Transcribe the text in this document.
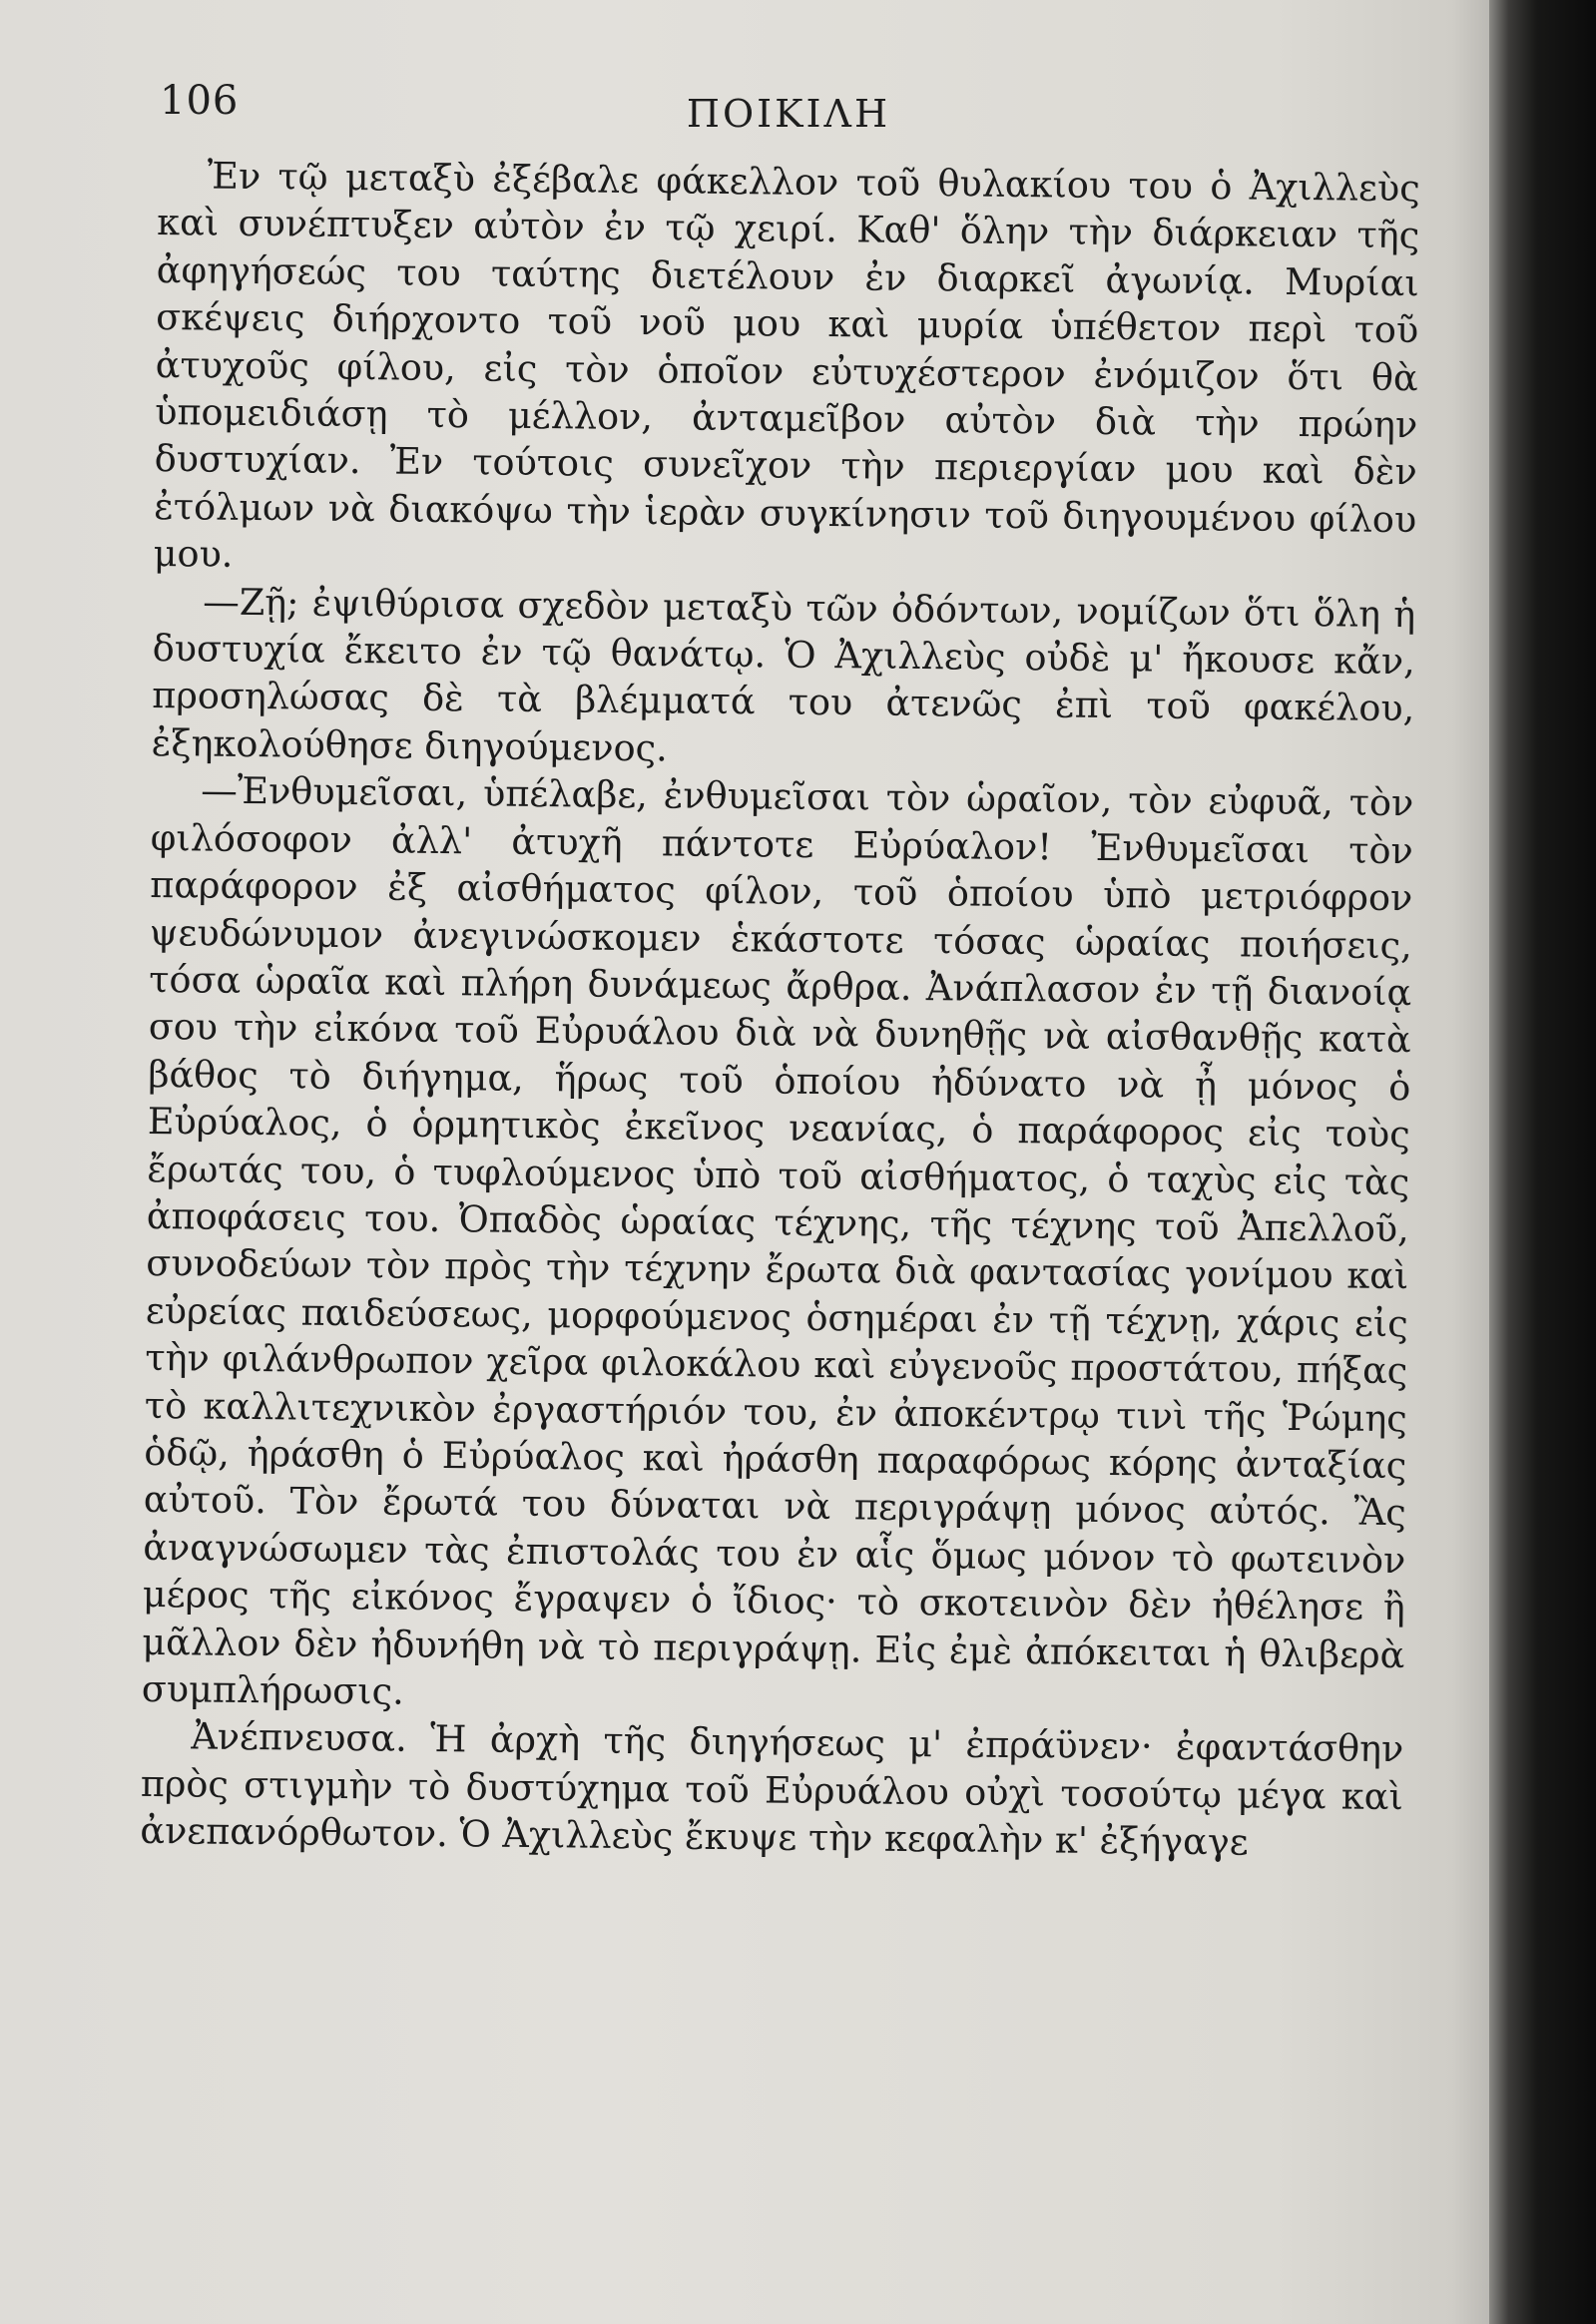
106	ΠΟΙΚΙΛΗ

Ἐν τῷ μεταξὺ ἐξέβαλε φάκελλον τοῦ θυλακίου του ὁ Ἀχιλλεὺς καὶ συνέπτυξεν αὐτὸν ἐν τῷ χειρί. Καθ' ὅλην τὴν διάρκειαν τῆς ἀφηγήσεώς του ταύτης διετέλουν ἐν διαρκεῖ ἀγωνίᾳ. Μυρίαι σκέψεις διήρχοντο τοῦ νοῦ μου καὶ μυρία ὑπέθετον περὶ τοῦ ἀτυχοῦς φίλου, εἰς τὸν ὁποῖον εὐτυχέστερον ἐνόμιζον ὅτι θὰ ὑπομειδιάσῃ τὸ μέλλον, ἀνταμεῖβον αὐτὸν διὰ τὴν πρώην δυστυχίαν. Ἐν τούτοις συνεῖχον τὴν περιεργίαν μου καὶ δὲν ἐτόλμων νὰ διακόψω τὴν ἱερὰν συγκίνησιν τοῦ διηγουμένου φίλου μου.

—Ζῇ; ἐψιθύρισα σχεδὸν μεταξὺ τῶν ὀδόντων, νομίζων ὅτι ὅλη ἡ δυστυχία ἔκειτο ἐν τῷ θανάτῳ. Ὁ Ἀχιλλεὺς οὐδὲ μ' ἤκουσε κἄν, προσηλώσας δὲ τὰ βλέμματά του ἀτενῶς ἐπὶ τοῦ φακέλου, ἐξηκολούθησε διηγούμενος.

—Ἐνθυμεῖσαι, ὑπέλαβε, ἐνθυμεῖσαι τὸν ὡραῖον, τὸν εὐφυᾶ, τὸν φιλόσοφον ἀλλ' ἀτυχῆ πάντοτε Εὐρύαλον! Ἐνθυμεῖσαι τὸν παράφορον ἐξ αἰσθήματος φίλον, τοῦ ὁποίου ὑπὸ μετριόφρον ψευδώνυμον ἀνεγινώσκομεν ἑκάστοτε τόσας ὡραίας ποιήσεις, τόσα ὡραῖα καὶ πλήρη δυνάμεως ἄρθρα. Ἀνάπλασον ἐν τῇ διανοίᾳ σου τὴν εἰκόνα τοῦ Εὐρυάλου διὰ νὰ δυνηθῇς νὰ αἰσθανθῇς κατὰ βάθος τὸ διήγημα, ἥρως τοῦ ὁποίου ἠδύνατο νὰ ᾖ μόνος ὁ Εὐρύαλος, ὁ ὁρμητικὸς ἐκεῖνος νεανίας, ὁ παράφορος εἰς τοὺς ἔρωτάς του, ὁ τυφλούμενος ὑπὸ τοῦ αἰσθήματος, ὁ ταχὺς εἰς τὰς ἀποφάσεις του. Ὀπαδὸς ὡραίας τέχνης, τῆς τέχνης τοῦ Ἀπελλοῦ, συνοδεύων τὸν πρὸς τὴν τέχνην ἔρωτα διὰ φαντασίας γονίμου καὶ εὐρείας παιδεύσεως, μορφούμενος ὁσημέραι ἐν τῇ τέχνῃ, χάρις εἰς τὴν φιλάνθρωπον χεῖρα φιλοκάλου καὶ εὐγενοῦς προστάτου, πήξας τὸ καλλιτεχνικὸν ἐργαστήριόν του, ἐν ἀποκέντρῳ τινὶ τῆς Ῥώμης ὁδῷ, ἠράσθη ὁ Εὐρύαλος καὶ ἠράσθη παραφόρως κόρης ἀνταξίας αὐτοῦ. Τὸν ἔρωτά του δύναται νὰ περιγράψῃ μόνος αὐτός. Ἂς ἀναγνώσωμεν τὰς ἐπιστολάς του ἐν αἷς ὅμως μόνον τὸ φωτεινὸν μέρος τῆς εἰκόνος ἔγραψεν ὁ ἴδιος· τὸ σκοτεινὸν δὲν ἠθέλησε ἢ μᾶλλον δὲν ἠδυνήθη νὰ τὸ περιγράψῃ. Εἰς ἐμὲ ἀπόκειται ἡ θλιβερὰ συμπλήρωσις.

Ἀνέπνευσα. Ἡ ἀρχὴ τῆς διηγήσεως μ' ἐπράϋνεν· ἐφαντάσθην πρὸς στιγμὴν τὸ δυστύχημα τοῦ Εὐρυάλου οὐχὶ τοσούτῳ μέγα καὶ ἀνεπανόρθωτον. Ὁ Ἀχιλλεὺς ἔκυψε τὴν κεφαλὴν κ' ἐξήγαγε
